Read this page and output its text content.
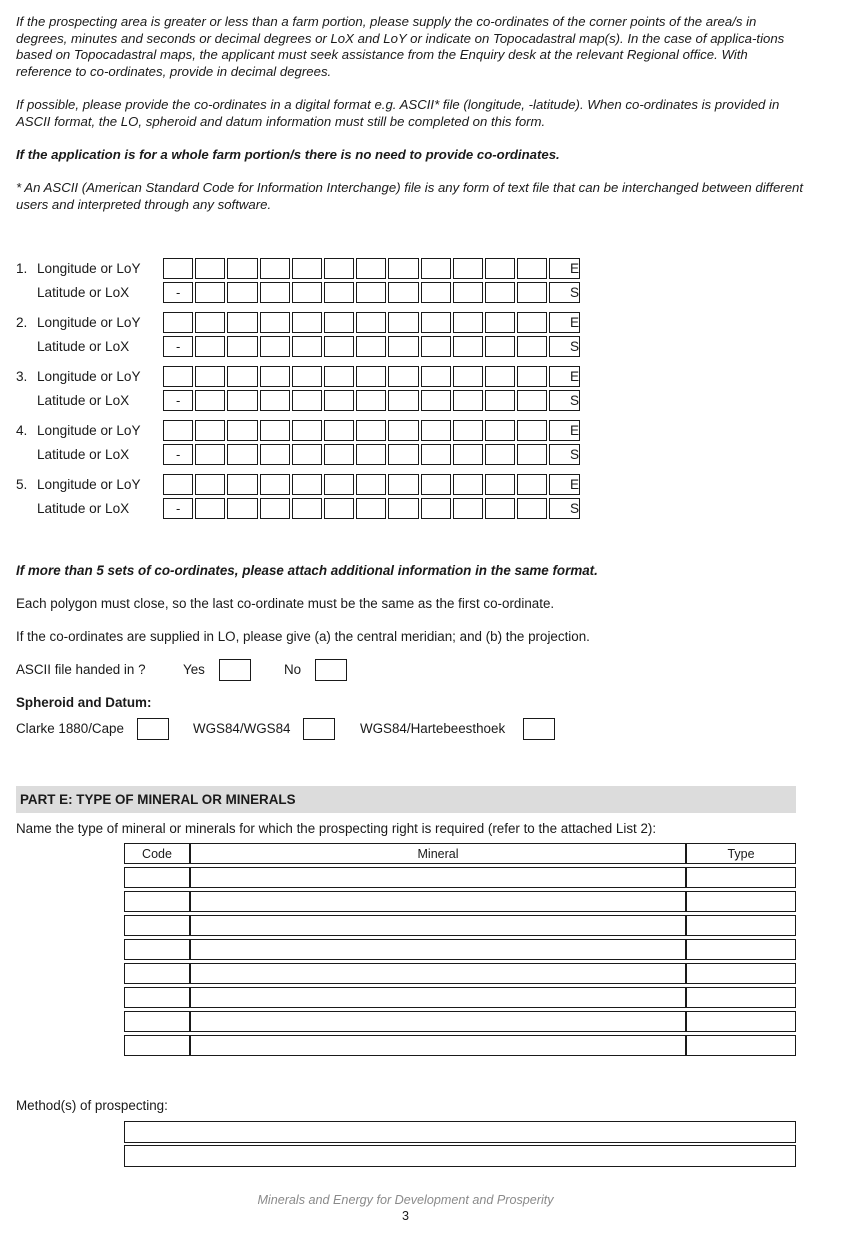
If the prospecting area is greater or less than a farm portion, please supply the co-ordinates of the corner points of the area/s in degrees, minutes and seconds or decimal degrees or LoX and LoY or indicate on Topocadastral map(s). In the case of applica-tions based on Topocadastral maps, the applicant must seek assistance from the Enquiry desk at the relevant Regional office. With reference to co-ordinates, provide in decimal degrees.
If possible, please provide the co-ordinates in a digital format e.g. ASCII* file (longitude, -latitude). When co-ordinates is provided in ASCII format, the LO, spheroid and datum information must still be completed on this form.
If the application is for a whole farm portion/s there is no need to provide co-ordinates.
* An ASCII (American Standard Code for Information Interchange) file is any form of text file that can be interchanged between different users and interpreted through any software.
1. Longitude or LoY	E
Latitude or LoX	-	S
2. Longitude or LoY	E
Latitude or LoX	-	S
3. Longitude or LoY	E
Latitude or LoX	-	S
4. Longitude or LoY	E
Latitude or LoX	-	S
5. Longitude or LoY	E
Latitude or LoX	-	S
If more than 5 sets of co-ordinates, please attach additional information in the same format.
Each polygon must close, so the last co-ordinate must be the same as the first co-ordinate.
If the co-ordinates are supplied in LO, please give (a) the central meridian; and (b) the projection.
ASCII file handed in ?	Yes	No
Spheroid and Datum:
Clarke 1880/Cape	WGS84/WGS84	WGS84/Hartebeesthoek
PART E: TYPE OF MINERAL OR MINERALS
Name the type of mineral or minerals for which the prospecting right is required (refer to the attached List 2):
Code	Mineral	Type

Method(s) of prospecting:
Minerals and Energy for Development and Prosperity
3
